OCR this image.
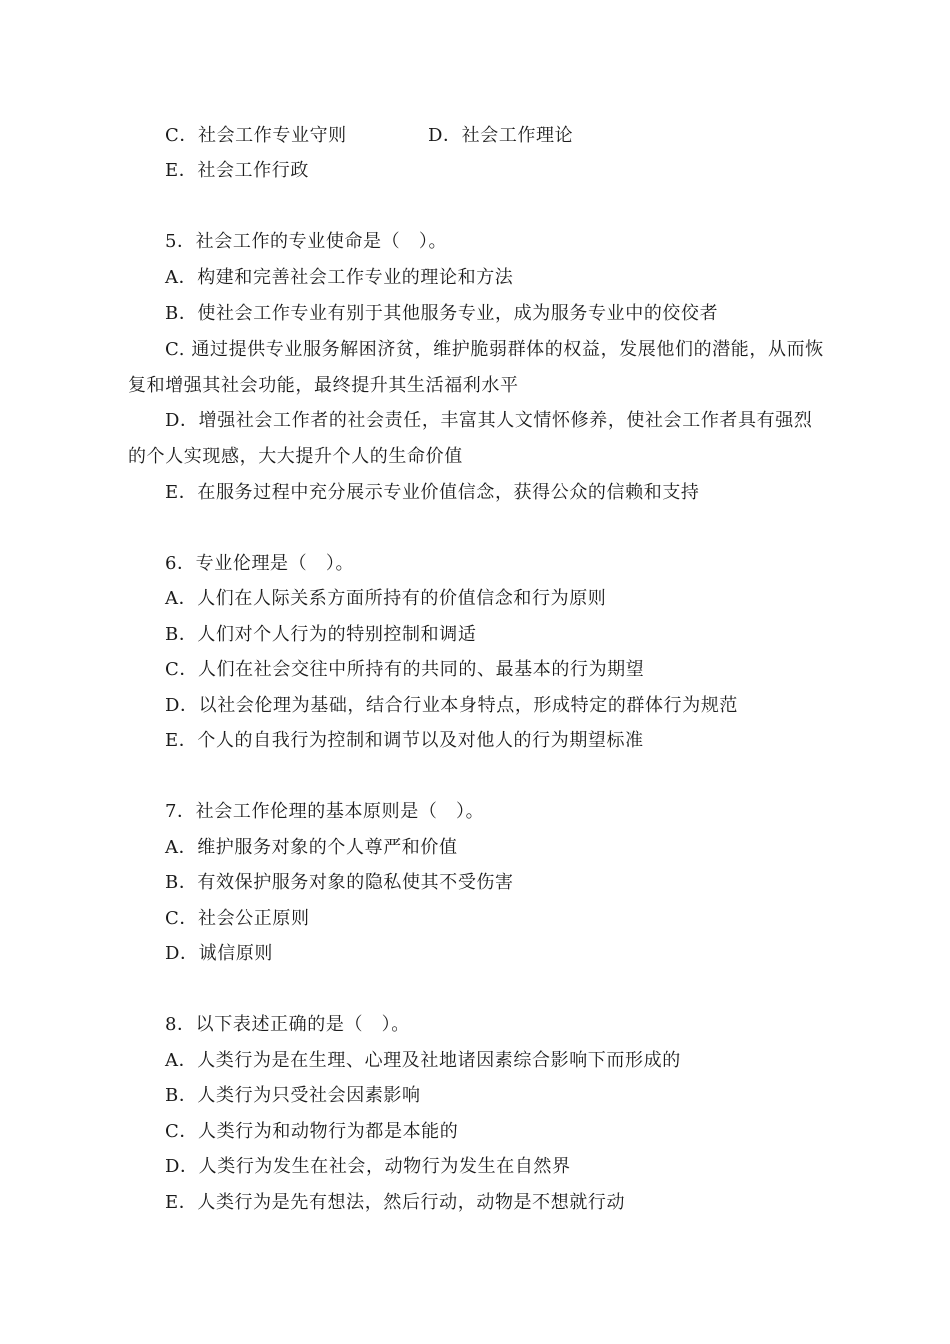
C．社会工作专业守则	D．社会工作理论
E．社会工作行政
5．社会工作的专业使命是（　）。
A．构建和完善社会工作专业的理论和方法
B．使社会工作专业有别于其他服务专业，成为服务专业中的佼佼者
C. 通过提供专业服务解困济贫，维护脆弱群体的权益，发展他们的潜能，从而恢
复和增强其社会功能，最终提升其生活福利水平
D．增强社会工作者的社会责任，丰富其人文情怀修养，使社会工作者具有强烈
的个人实现感，大大提升个人的生命价值
E．在服务过程中充分展示专业价值信念，获得公众的信赖和支持
6．专业伦理是（　）。
A．人们在人际关系方面所持有的价值信念和行为原则
B．人们对个人行为的特别控制和调适
C．人们在社会交往中所持有的共同的、最基本的行为期望
D．以社会伦理为基础，结合行业本身特点，形成特定的群体行为规范
E．个人的自我行为控制和调节以及对他人的行为期望标准
7．社会工作伦理的基本原则是（　）。
A．维护服务对象的个人尊严和价值
B．有效保护服务对象的隐私使其不受伤害
C．社会公正原则
D．诚信原则
8．以下表述正确的是（　）。
A．人类行为是在生理、心理及社地诸因素综合影响下而形成的
B．人类行为只受社会因素影响
C．人类行为和动物行为都是本能的
D．人类行为发生在社会，动物行为发生在自然界
E．人类行为是先有想法，然后行动，动物是不想就行动
